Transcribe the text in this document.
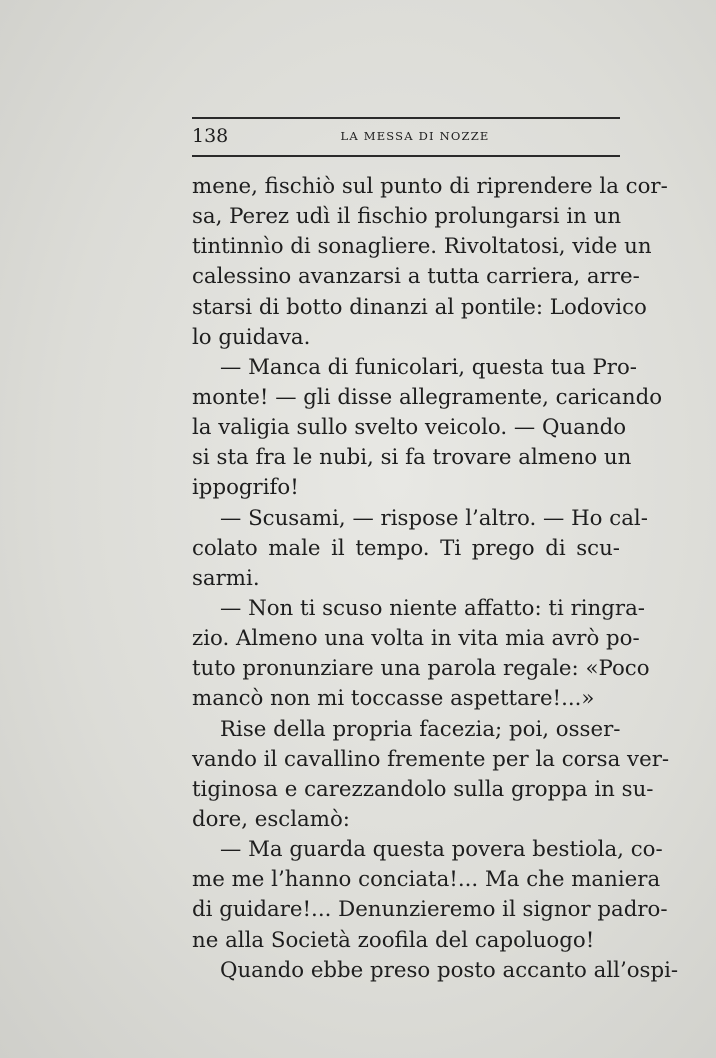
138	LA MESSA DI NOZZE
mene, fischiò sul punto di riprendere la cor-
sa, Perez udì il fischio prolungarsi in un
tintinnìo di sonagliere. Rivoltatosi, vide un
calessino avanzarsi a tutta carriera, arre-
starsi di botto dinanzi al pontile: Lodovico
lo guidava.
— Manca di funicolari, questa tua Pro-
monte! — gli disse allegramente, caricando
la valigia sullo svelto veicolo. — Quando
si sta fra le nubi, si fa trovare almeno un
ippogrifo!
— Scusami, — rispose l’altro. — Ho cal-
colato male il tempo. Ti prego di scu-
sarmi.
— Non ti scuso niente affatto: ti ringra-
zio. Almeno una volta in vita mia avrò po-
tuto pronunziare una parola regale: «Poco
mancò non mi toccasse aspettare!...»
Rise della propria facezia; poi, osser-
vando il cavallino fremente per la corsa ver-
tiginosa e carezzandolo sulla groppa in su-
dore, esclamò:
— Ma guarda questa povera bestiola, co-
me me l’hanno conciata!... Ma che maniera
di guidare!... Denunzieremo il signor padro-
ne alla Società zoofila del capoluogo!
Quando ebbe preso posto accanto all’ospi-
